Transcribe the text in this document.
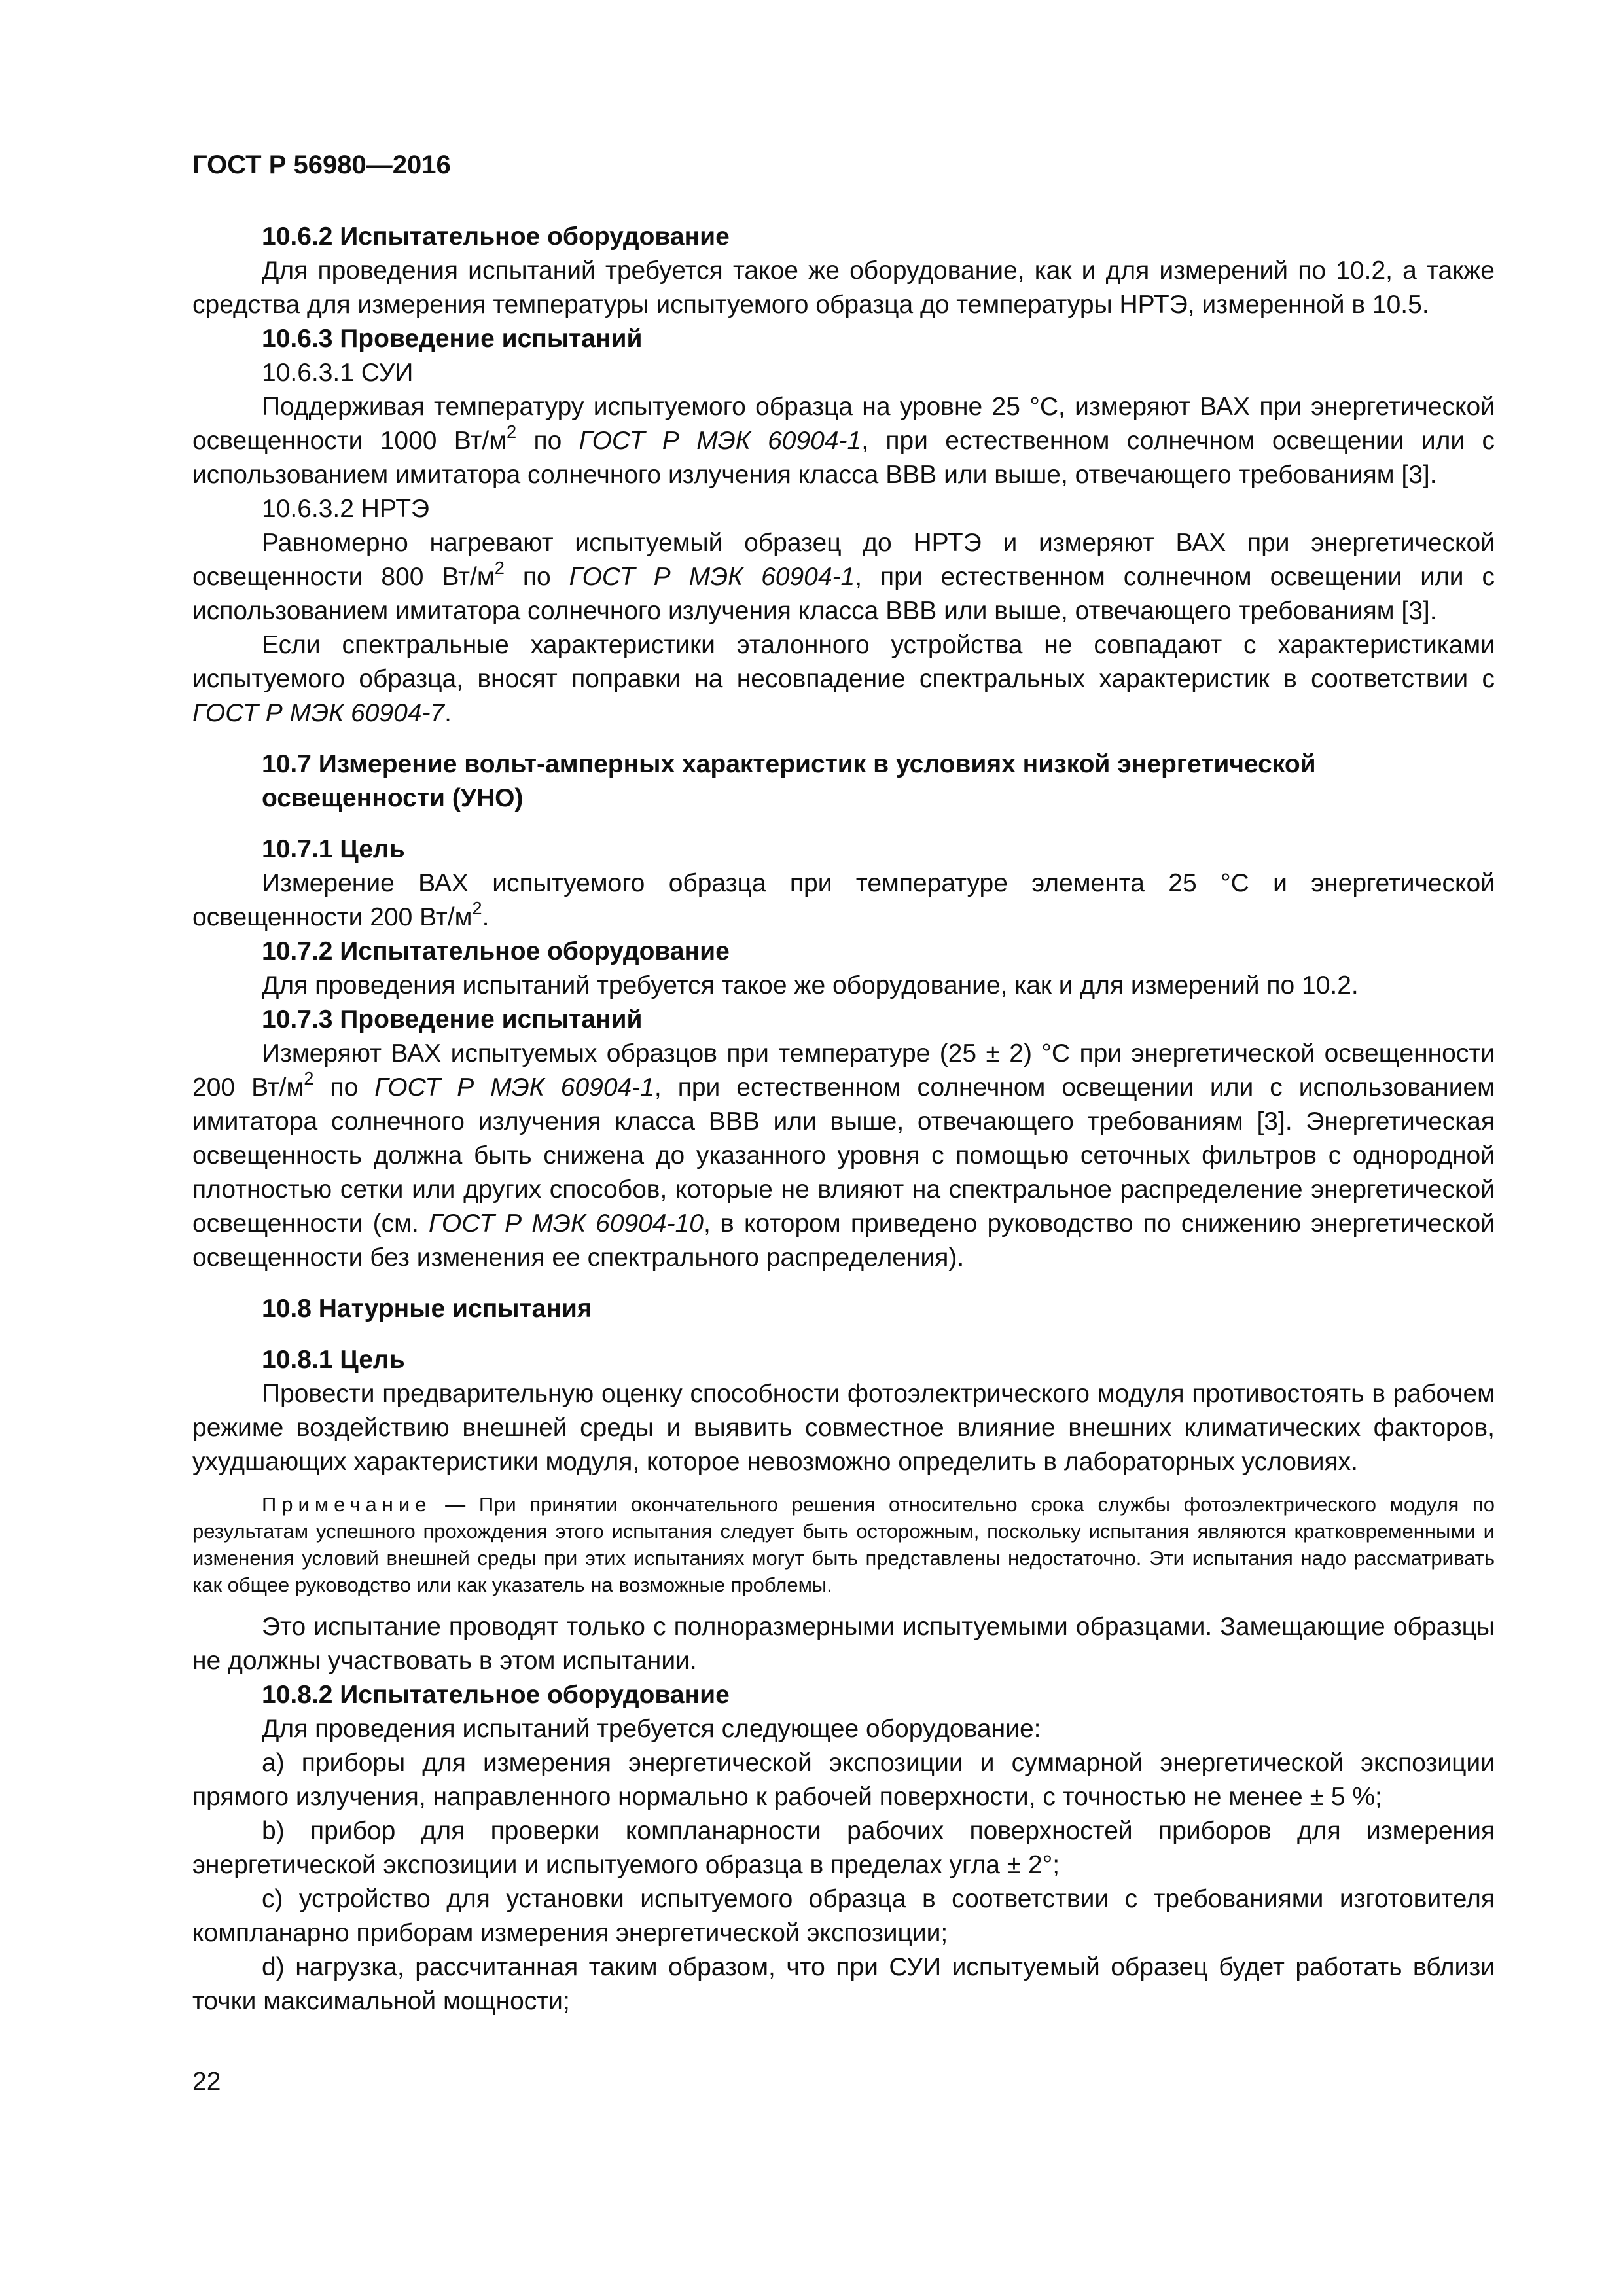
ГОСТ Р 56980—2016

10.6.2 Испытательное оборудование

Для проведения испытаний требуется такое же оборудование, как и для измерений по 10.2, а также средства для измерения температуры испытуемого образца до температуры НРТЭ, измеренной в 10.5.

10.6.3 Проведение испытаний

10.6.3.1 СУИ

Поддерживая температуру испытуемого образца на уровне 25 °С, измеряют ВАХ при энергетической освещенности 1000 $Вт/м^2$ по ГОСТ Р МЭК 60904-1, при естественном солнечном освещении или с использованием имитатора солнечного излучения класса ВВВ или выше, отвечающего требованиям [3].

10.6.3.2 НРТЭ

Равномерно нагревают испытуемый образец до НРТЭ и измеряют ВАХ при энергетической освещенности 800 $Вт/м^2$ по ГОСТ Р МЭК 60904-1, при естественном солнечном освещении или с использованием имитатора солнечного излучения класса ВВВ или выше, отвечающего требованиям [3].

Если спектральные характеристики эталонного устройства не совпадают с характеристиками испытуемого образца, вносят поправки на несовпадение спектральных характеристик в соответствии с ГОСТ Р МЭК 60904-7.

10.7 Измерение вольт-амперных характеристик в условиях низкой энергетической освещенности (УНО)

10.7.1 Цель

Измерение ВАХ испытуемого образца при температуре элемента 25 °С и энергетической освещенности 200 $Вт/м^2$.

10.7.2 Испытательное оборудование

Для проведения испытаний требуется такое же оборудование, как и для измерений по 10.2.

10.7.3 Проведение испытаний

Измеряют ВАХ испытуемых образцов при температуре (25 ± 2) °С при энергетической освещенности 200 $Вт/м^2$ по ГОСТ Р МЭК 60904-1, при естественном солнечном освещении или с использованием имитатора солнечного излучения класса ВВВ или выше, отвечающего требованиям [3]. Энергетическая освещенность должна быть снижена до указанного уровня с помощью сеточных фильтров с однородной плотностью сетки или других способов, которые не влияют на спектральное распределение энергетической освещенности (см. ГОСТ Р МЭК 60904-10, в котором приведено руководство по снижению энергетической освещенности без изменения ее спектрального распределения).

10.8 Натурные испытания

10.8.1 Цель

Провести предварительную оценку способности фотоэлектрического модуля противостоять в рабочем режиме воздействию внешней среды и выявить совместное влияние внешних климатических факторов, ухудшающих характеристики модуля, которое невозможно определить в лабораторных условиях.

Примечание — При принятии окончательного решения относительно срока службы фотоэлектрического модуля по результатам успешного прохождения этого испытания следует быть осторожным, поскольку испытания являются кратковременными и изменения условий внешней среды при этих испытаниях могут быть представлены недостаточно. Эти испытания надо рассматривать как общее руководство или как указатель на возможные проблемы.

Это испытание проводят только с полноразмерными испытуемыми образцами. Замещающие образцы не должны участвовать в этом испытании.

10.8.2 Испытательное оборудование

Для проведения испытаний требуется следующее оборудование:

а) приборы для измерения энергетической экспозиции и суммарной энергетической экспозиции прямого излучения, направленного нормально к рабочей поверхности, с точностью не менее ± 5 %;

b) прибор для проверки компланарности рабочих поверхностей приборов для измерения энергетической экспозиции и испытуемого образца в пределах угла ± 2°;

c) устройство для установки испытуемого образца в соответствии с требованиями изготовителя компланарно приборам измерения энергетической экспозиции;

d) нагрузка, рассчитанная таким образом, что при СУИ испытуемый образец будет работать вблизи точки максимальной мощности;

22
